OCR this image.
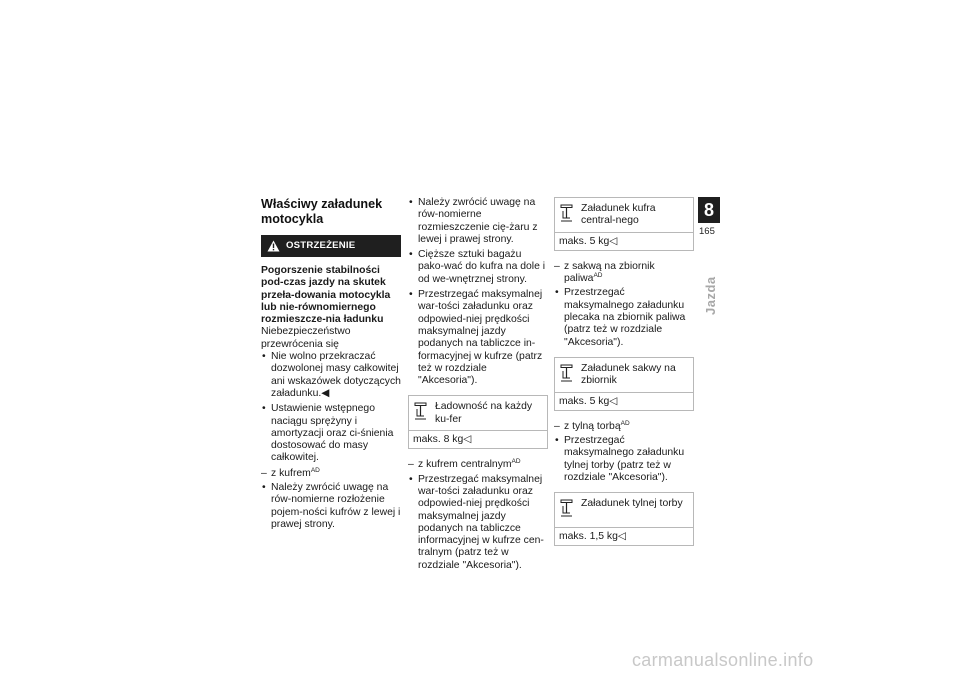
Właściwy załadunek motocykla
OSTRZEŻENIE

Pogorszenie stabilności pod-czas jazdy na skutek przeła-dowania motocykla lub nie-równomiernego rozmieszcze-nia ładunku

Niebezpieczeństwo przewrócenia się

• Nie wolno przekraczać dozwolonej masy całkowitej ani wskazówek dotyczących załadunku.◀
• Ustawienie wstępnego naciągu sprężyny i amortyzacji oraz ci-śnienia dostosować do masy całkowitej.
– z kufrem$^{AD}$
• Należy zwrócić uwagę na rów-nomierne rozłożenie pojem-ności kufrów z lewej i prawej strony.
• Należy zwrócić uwagę na rów-nomierne rozmieszczenie cię-żaru z lewej i prawej strony.
• Cięższe sztuki bagażu pako-wać do kufra na dole i od we-wnętrznej strony.
• Przestrzegać maksymalnej war-tości załadunku oraz odpowied-niej prędkości maksymalnej jazdy podanych na tabliczce in-formacyjnej w kufrze (patrz też w rozdziale "Akcesoria").
Ładowność na każdy ku-fer
maks. 8 kg◁
– z kufrem centralnym$^{AD}$
• Przestrzegać maksymalnej war-tości załadunku oraz odpowied-niej prędkości maksymalnej jazdy podanych na tabliczce informacyjnej w kufrze cen-tralnym (patrz też w rozdziale "Akcesoria").
Załadunek kufra central-nego
maks. 5 kg◁
– z sakwą na zbiornik paliwa$^{AD}$
• Przestrzegać maksymalnego załadunku plecaka na zbiornik paliwa (patrz też w rozdziale "Akcesoria").
Załadunek sakwy na zbiornik
maks. 5 kg◁
– z tylną torbą$^{AD}$
• Przestrzegać maksymalnego załadunku tylnej torby (patrz też w rozdziale "Akcesoria").
Załadunek tylnej torby
maks. 1,5 kg◁
8
165
Jazda
carmanualsonline.info
